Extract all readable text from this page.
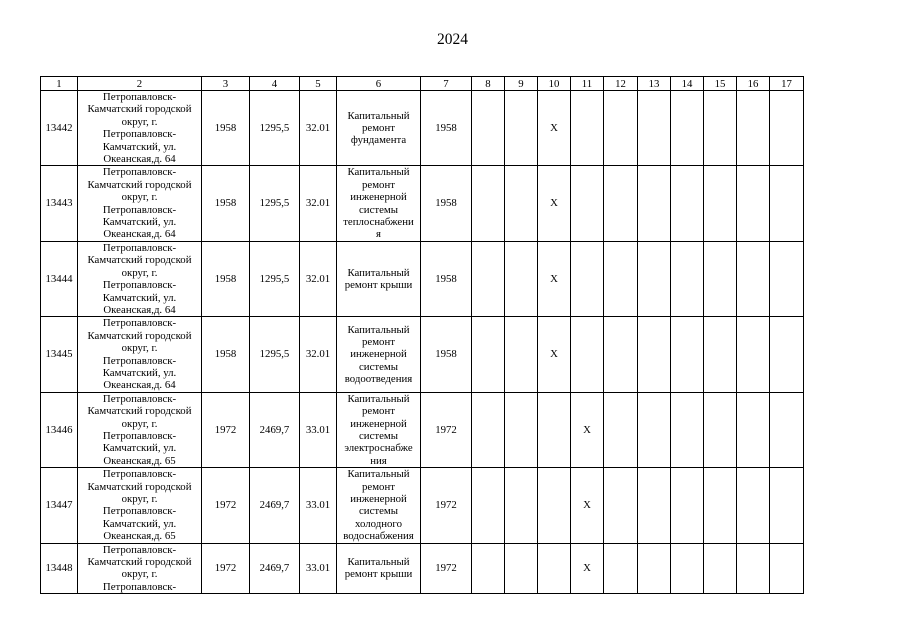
2024
1	2	3	4	5	6	7	8	9	10	11	12	13	14	15	16	17

13442	Петропавловск-Камчатский городской округ, г. Петропавловск-Камчатский, ул. Океанская,д. 64	1958	1295,5	32.01	Капитальный ремонт фундамента	1958			X							

13443	Петропавловск-Камчатский городской округ, г. Петропавловск-Камчатский, ул. Океанская,д. 64	1958	1295,5	32.01	Капитальный ремонт инженерной системы теплоснабжения	1958			X							

13444	Петропавловск-Камчатский городской округ, г. Петропавловск-Камчатский, ул. Океанская,д. 64	1958	1295,5	32.01	Капитальный ремонт крыши	1958			X							

13445	Петропавловск-Камчатский городской округ, г. Петропавловск-Камчатский, ул. Океанская,д. 64	1958	1295,5	32.01	Капитальный ремонт инженерной системы водоотведения	1958			X							

13446	Петропавловск-Камчатский городской округ, г. Петропавловск-Камчатский, ул. Океанская,д. 65	1972	2469,7	33.01	Капитальный ремонт инженерной системы электроснабжения	1972				X						

13447	Петропавловск-Камчатский городской округ, г. Петропавловск-Камчатский, ул. Океанская,д. 65	1972	2469,7	33.01	Капитальный ремонт инженерной системы холодного водоснабжения	1972				X						

13448	Петропавловск-Камчатский городской округ, г. Петропавловск-	1972	2469,7	33.01	Капитальный ремонт крыши	1972				X						
